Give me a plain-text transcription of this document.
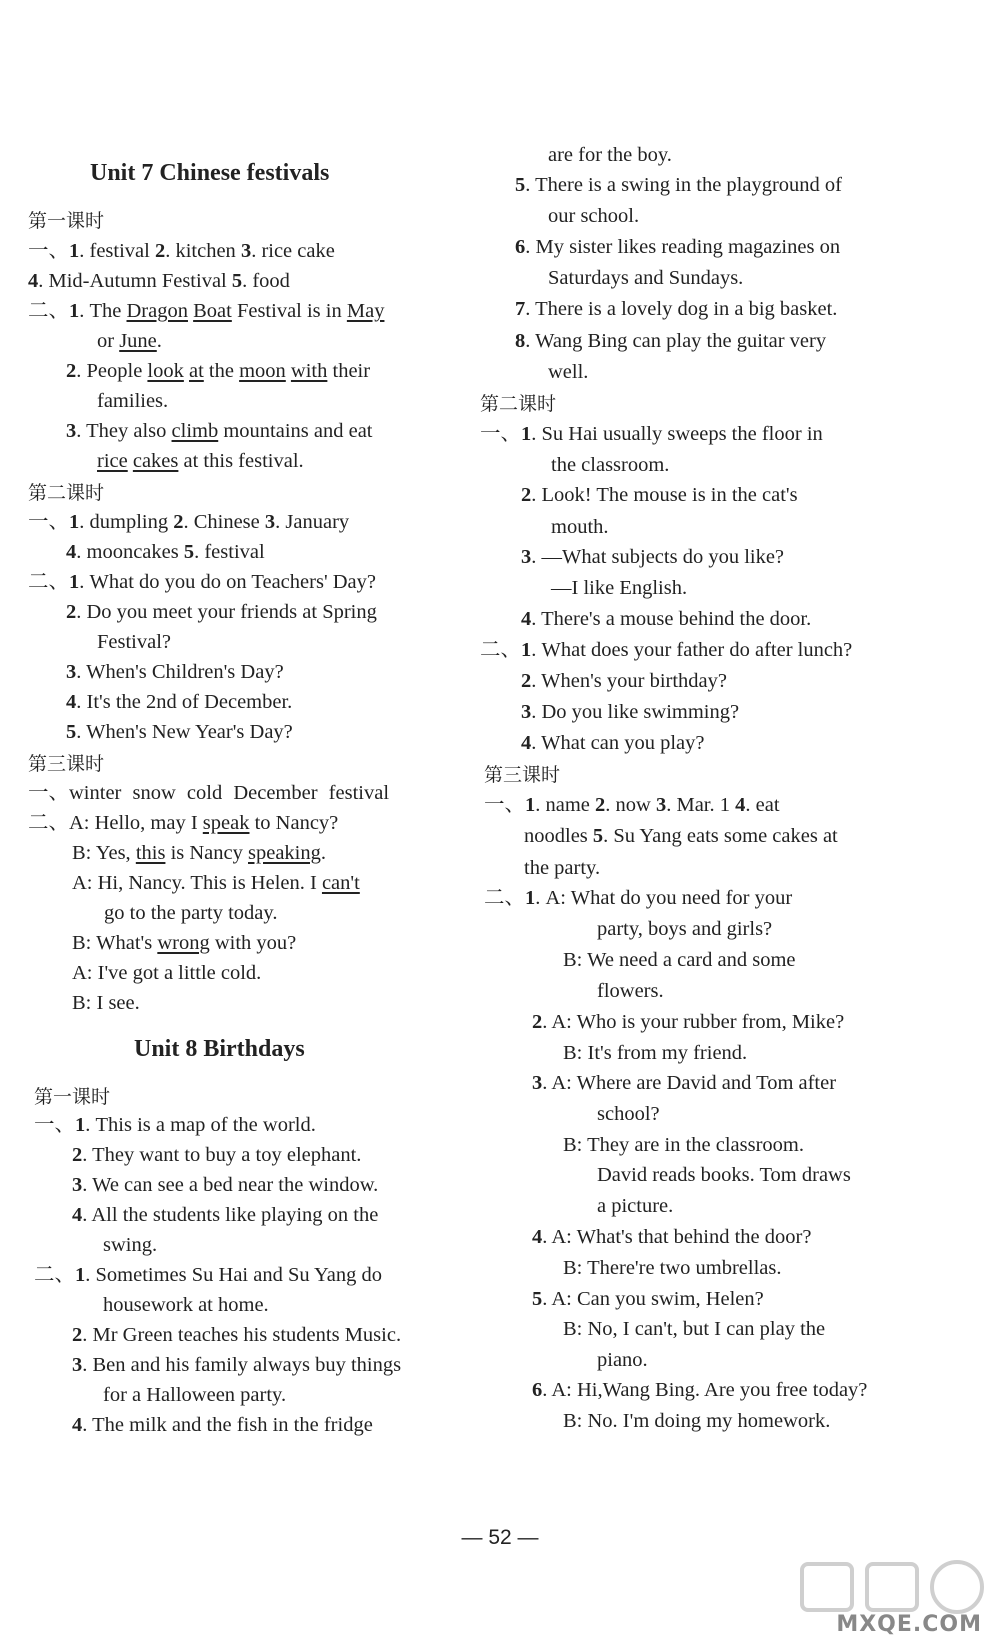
Unit 7 Chinese festivals
第一课时
一、1. festival 2. kitchen 3. rice cake
4. Mid-Autumn Festival 5. food
二、1. The Dragon Boat Festival is in May
or June.
2. People look at the moon with their
families.
3. They also climb mountains and eat
rice cakes at this festival.
第二课时
一、1. dumpling 2. Chinese 3. January
4. mooncakes 5. festival
二、1. What do you do on Teachers' Day?
2. Do you meet your friends at Spring
Festival?
3. When's Children's Day?
4. It's the 2nd of December.
5. When's New Year's Day?
第三课时
一、winter snow cold December festival
二、A: Hello, may I speak to Nancy?
B: Yes, this is Nancy speaking.
A: Hi, Nancy. This is Helen. I can't
go to the party today.
B: What's wrong with you?
A: I've got a little cold.
B: I see.
Unit 8 Birthdays
第一课时
一、1. This is a map of the world.
2. They want to buy a toy elephant.
3. We can see a bed near the window.
4. All the students like playing on the
swing.
二、1. Sometimes Su Hai and Su Yang do
housework at home.
2. Mr Green teaches his students Music.
3. Ben and his family always buy things
for a Halloween party.
4. The milk and the fish in the fridge
are for the boy.
5. There is a swing in the playground of
our school.
6. My sister likes reading magazines on
Saturdays and Sundays.
7. There is a lovely dog in a big basket.
8. Wang Bing can play the guitar very
well.
第二课时
一、1. Su Hai usually sweeps the floor in
the classroom.
2. Look! The mouse is in the cat's
mouth.
3. —What subjects do you like?
—I like English.
4. There's a mouse behind the door.
二、1. What does your father do after lunch?
2. When's your birthday?
3. Do you like swimming?
4. What can you play?
第三课时
一、1. name 2. now 3. Mar. 1 4. eat
noodles 5. Su Yang eats some cakes at
the party.
二、1. A: What do you need for your
party, boys and girls?
B: We need a card and some
flowers.
2. A: Who is your rubber from, Mike?
B: It's from my friend.
3. A: Where are David and Tom after
school?
B: They are in the classroom.
David reads books. Tom draws
a picture.
4. A: What's that behind the door?
B: There're two umbrellas.
5. A: Can you swim, Helen?
B: No, I can't, but I can play the
piano.
6. A: Hi,Wang Bing. Are you free today?
B: No. I'm doing my homework.
— 52 —
MXQE.COM
